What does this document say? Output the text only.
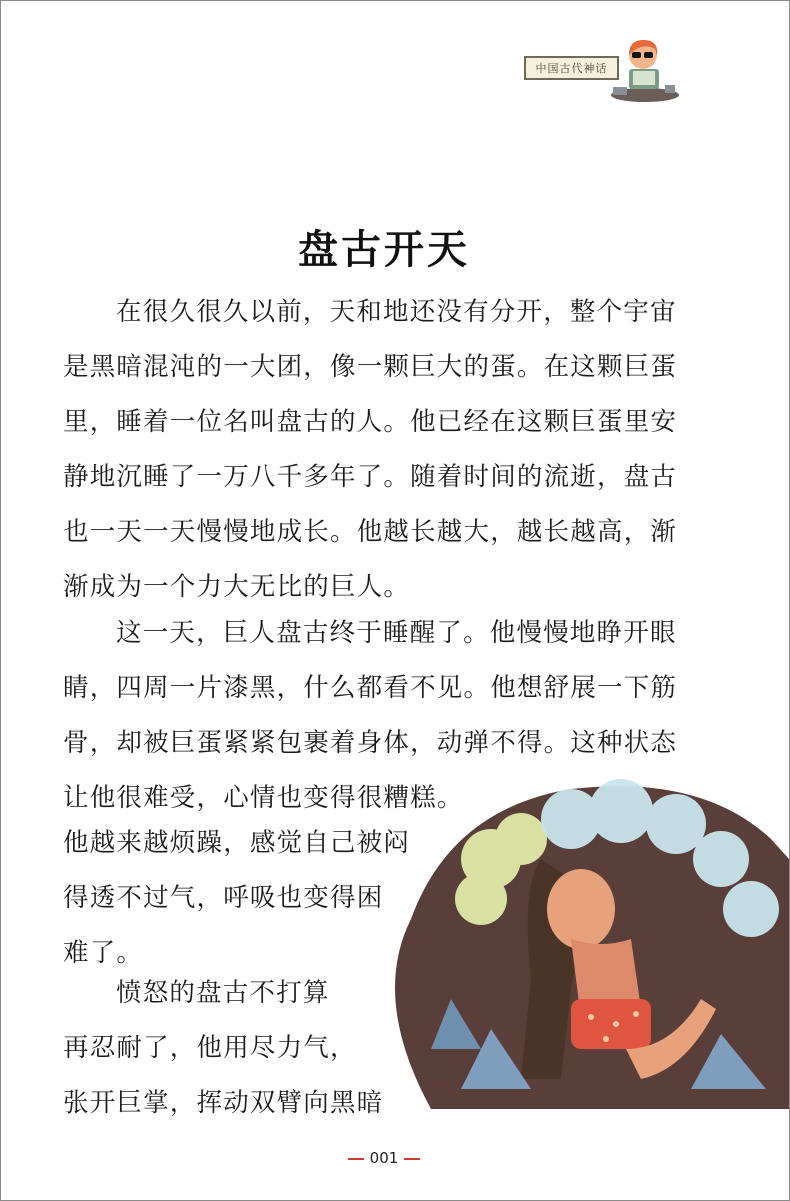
中国古代神话
盘古开天

在很久很久以前，天和地还没有分开，整个宇宙
是黑暗混沌的一大团，像一颗巨大的蛋。在这颗巨蛋
里，睡着一位名叫盘古的人。他已经在这颗巨蛋里安
静地沉睡了一万八千多年了。随着时间的流逝，盘古
也一天一天慢慢地成长。他越长越大，越长越高，渐
渐成为一个力大无比的巨人。

这一天，巨人盘古终于睡醒了。他慢慢地睁开眼
睛，四周一片漆黑，什么都看不见。他想舒展一下筋
骨，却被巨蛋紧紧包裹着身体，动弹不得。这种状态
让他很难受，心情也变得很糟糕。

他越来越烦躁，感觉自己被闷
得透不过气，呼吸也变得困
难了。

愤怒的盘古不打算
再忍耐了，他用尽力气，
张开巨掌，挥动双臂向黑暗

001
